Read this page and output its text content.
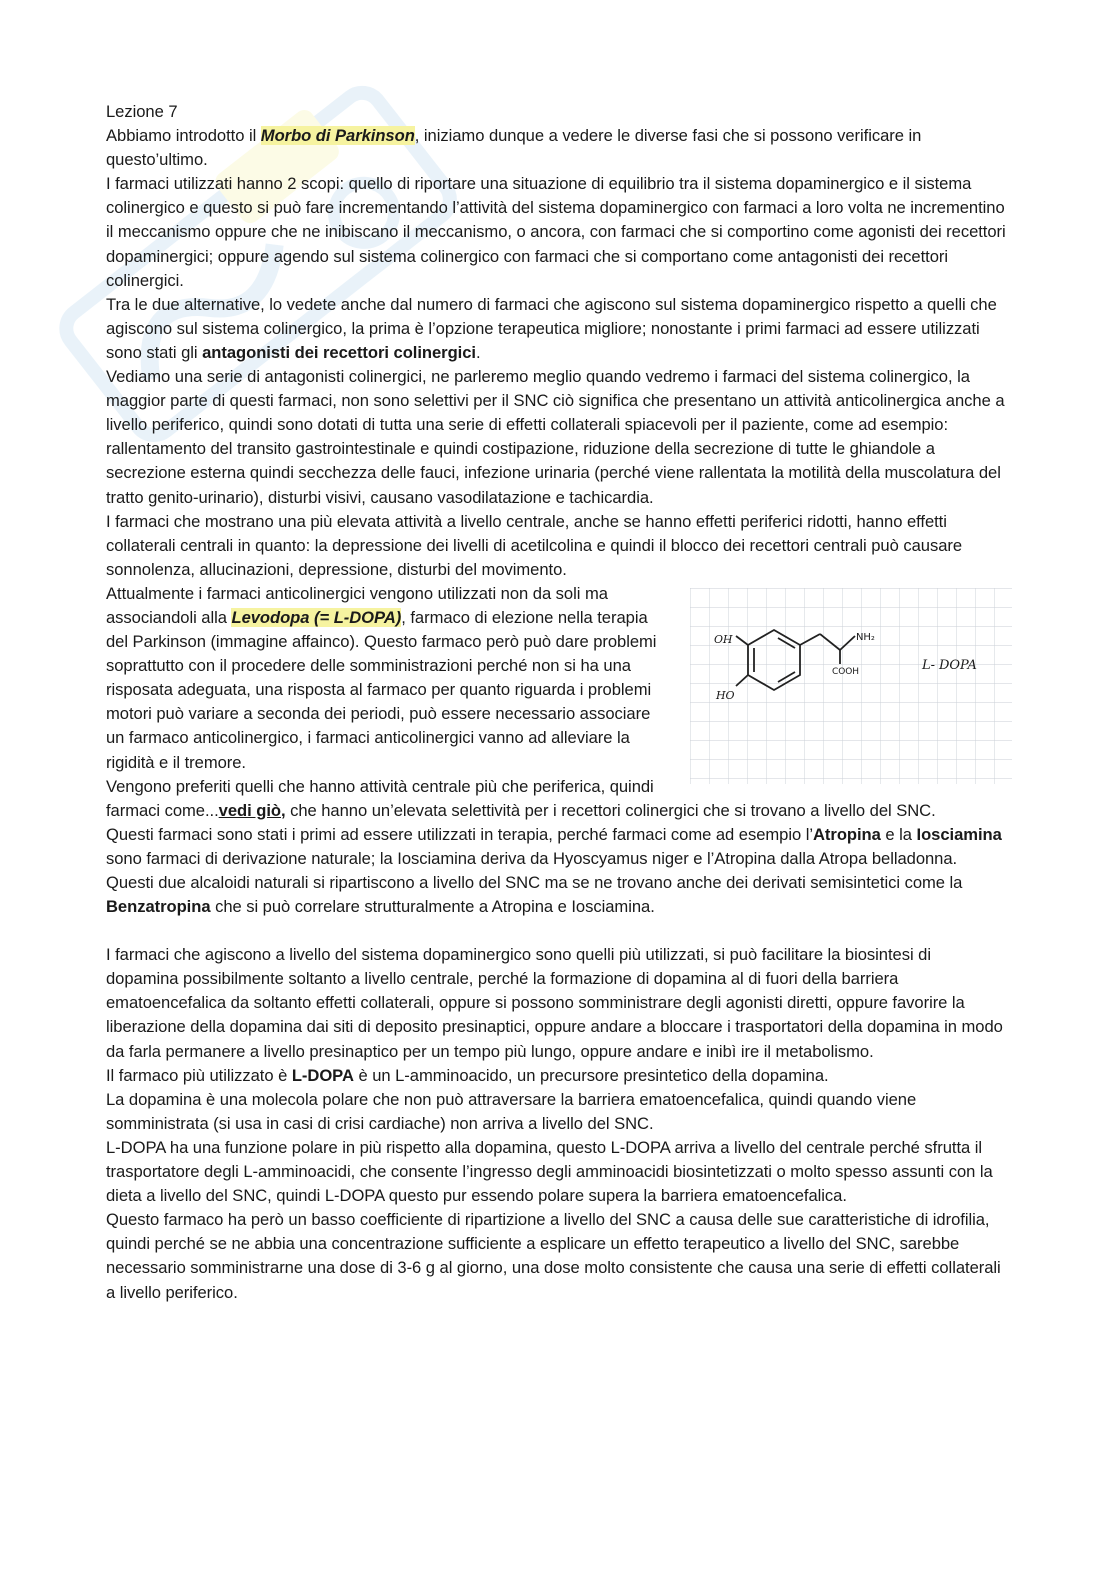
Lezione 7

Abbiamo introdotto il Morbo di Parkinson, iniziamo dunque a vedere le diverse fasi che si possono verificare in questo’ultimo.

I farmaci utilizzati hanno 2 scopi: quello di riportare una situazione di equilibrio tra il sistema dopaminergico e il sistema colinergico e questo si può fare incrementando l’attività del sistema dopaminergico con farmaci a loro volta ne incrementino il meccanismo oppure che ne inibiscano il meccanismo, o ancora, con farmaci che si comportino come agonisti dei recettori dopaminergici; oppure agendo sul sistema colinergico con farmaci che si comportano come antagonisti dei recettori colinergici.

Tra le due alternative, lo vedete anche dal numero di farmaci che agiscono sul sistema dopaminergico rispetto a quelli che agiscono sul sistema colinergico, la prima è l’opzione terapeutica migliore; nonostante i primi farmaci ad essere utilizzati sono stati gli antagonisti dei recettori colinergici.

Vediamo una serie di antagonisti colinergici, ne parleremo meglio quando vedremo i farmaci del sistema colinergico, la maggior parte di questi farmaci, non sono selettivi per il SNC ciò significa che presentano un attività anticolinergica anche a livello periferico, quindi sono dotati di tutta una serie di effetti collaterali spiacevoli per il paziente, come ad esempio: rallentamento del transito gastrointestinale e quindi costipazione, riduzione della secrezione di tutte le ghiandole a secrezione esterna quindi secchezza delle fauci, infezione urinaria (perché viene rallentata la motilità della muscolatura del tratto genito-urinario), disturbi visivi, causano vasodilatazione e tachicardia.

I farmaci che mostrano una più elevata attività a livello centrale, anche se hanno effetti periferici ridotti, hanno effetti collaterali centrali in quanto: la depressione dei livelli di acetilcolina e quindi il blocco dei recettori centrali può causare sonnolenza, allucinazioni, depressione, disturbi del movimento.

HO
HO
NH₂
COOH	L- DOPA

Attualmente i farmaci anticolinergici vengono utilizzati non da soli ma associandoli alla Levodopa (= L-DOPA), farmaco di elezione nella terapia del Parkinson (immagine affainco). Questo farmaco però può dare problemi soprattutto con il procedere delle somministrazioni perché non si ha una risposata adeguata, una risposta al farmaco per quanto riguarda i problemi motori può variare a seconda dei periodi, può essere necessario associare un farmaco anticolinergico, i farmaci anticolinergici vanno ad alleviare la rigidità e il tremore.

Vengono preferiti quelli che hanno attività centrale più che periferica, quindi farmaci come...vedi giò, che hanno un’elevata selettività per i recettori colinergici che si trovano a livello del SNC.

Questi farmaci sono stati i primi ad essere utilizzati in terapia, perché farmaci come ad esempio l’Atropina e la Iosciamina sono farmaci di derivazione naturale; la Iosciamina deriva da Hyoscyamus niger e l’Atropina dalla Atropa belladonna.

Questi due alcaloidi naturali si ripartiscono a livello del SNC ma se ne trovano anche dei derivati semisintetici come la Benzatropina che si può correlare strutturalmente a Atropina e Iosciamina.

I farmaci che agiscono a livello del sistema dopaminergico sono quelli più utilizzati, si può facilitare la biosintesi di dopamina possibilmente soltanto a livello centrale, perché la formazione di dopamina al di fuori della barriera ematoencefalica da soltanto effetti collaterali, oppure si possono somministrare degli agonisti diretti, oppure favorire la liberazione della dopamina dai siti di deposito presinaptici, oppure andare a bloccare i trasportatori della dopamina in modo da farla permanere a livello presinaptico per un tempo più lungo, oppure andare e inibì ire il metabolismo.

Il farmaco più utilizzato è L-DOPA è un L-amminoacido, un precursore presintetico della dopamina.

La dopamina è una molecola polare che non può attraversare la barriera ematoencefalica, quindi quando viene somministrata (si usa in casi di crisi cardiache) non arriva a livello del SNC.

L-DOPA ha una funzione polare in più rispetto alla dopamina, questo L-DOPA arriva a livello del centrale perché sfrutta il trasportatore degli L-amminoacidi, che consente l’ingresso degli amminoacidi biosintetizzati o molto spesso assunti con la dieta a livello del SNC, quindi L-DOPA questo pur essendo polare supera la barriera ematoencefalica.

Questo farmaco ha però un basso coefficiente di ripartizione a livello del SNC a causa delle sue caratteristiche di idrofilia, quindi perché se ne abbia una concentrazione sufficiente a esplicare un effetto terapeutico a livello del SNC, sarebbe necessario somministrarne una dose di 3-6 g al giorno, una dose molto consistente che causa una serie di effetti collaterali a livello periferico.
